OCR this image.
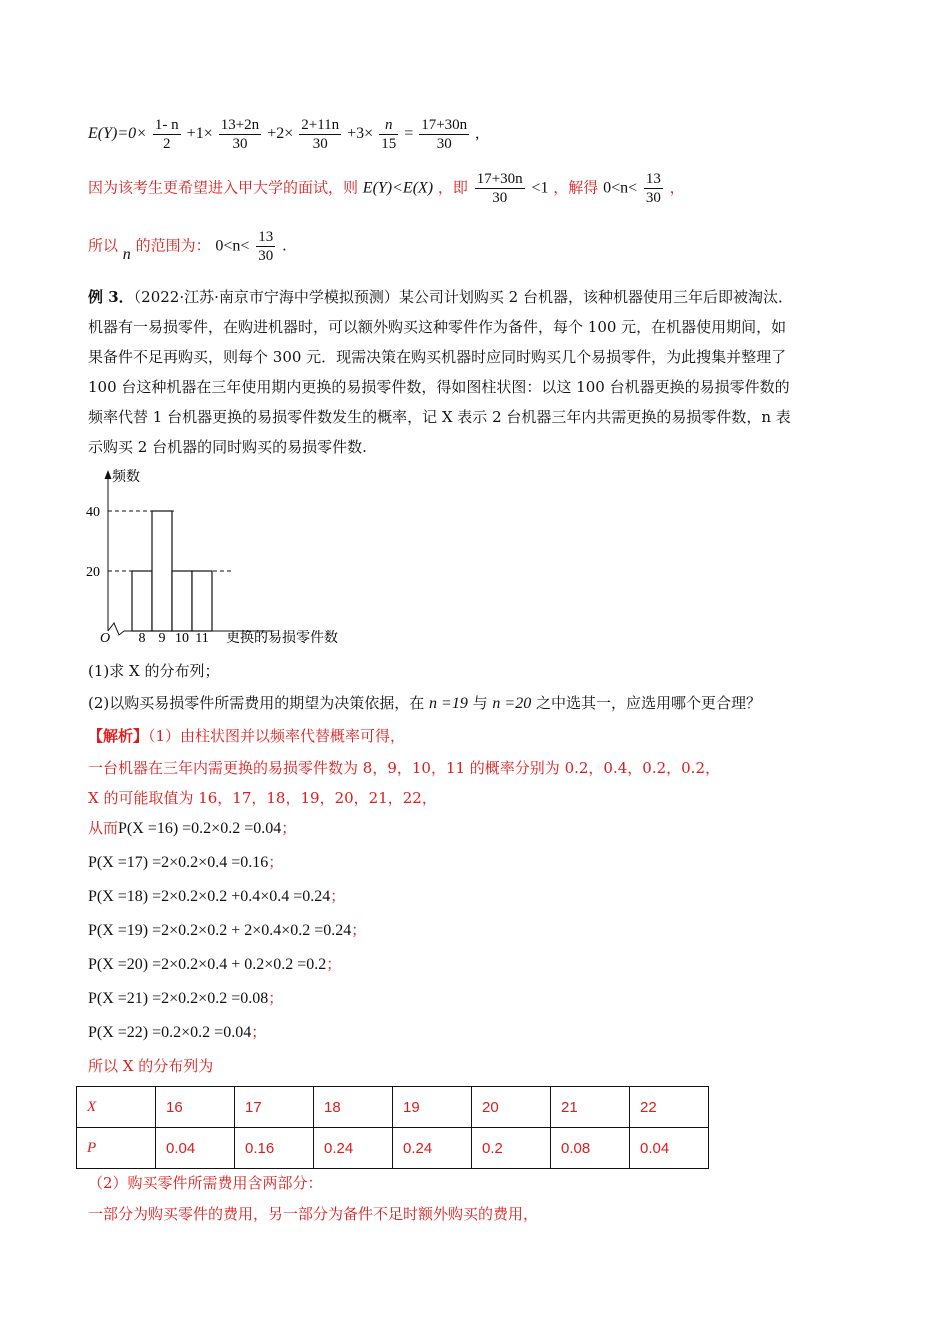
$E(Y)=0\times \frac{1- n}{2} +1\times \frac{13+2n}{30} +2\times \frac{2+11n}{30} +3\times \frac{n}{15} = \frac{17+30n}{30}$ ,
因为该考生更希望进入甲大学的面试，则 E(Y)<E(X) ，即 $\frac{17+30n}{30} <1$ ，解得 $0<n< \frac{13}{30}$ ，
所以 n 的范围为： $0<n< \frac{13}{30}$ .
例 3．（2022·江苏·南京市宁海中学模拟预测）某公司计划购买 2 台机器，该种机器使用三年后即被淘汰．
机器有一易损零件，在购进机器时，可以额外购买这种零件作为备件，每个 100 元，在机器使用期间，如
果备件不足再购买，则每个 300 元．现需决策在购买机器时应同时购买几个易损零件，为此搜集并整理了
100 台这种机器在三年使用期内更换的易损零件数，得如图柱状图：以这 100 台机器更换的易损零件数的
频率代替 1 台机器更换的易损零件数发生的概率，记 X 表示 2 台机器三年内共需更换的易损零件数，n 表
示购买 2 台机器的同时购买的易损零件数.
频数
更换的易损零件数
O
20
40
8 9 10 11
(1)求 X 的分布列；
(2)以购买易损零件所需费用的期望为决策依据，在 n =19 与 n =20 之中选其一，应选用哪个更合理？
【解析】（1）由柱状图并以频率代替概率可得，
一台机器在三年内需更换的易损零件数为 8，9，10，11 的概率分别为 0.2，0.4，0.2，0.2，
X 的可能取值为 16，17，18，19，20，21，22，
从而P(X =16) =0.2×0.2 =0.04；
P(X =17) =2×0.2×0.4 =0.16；
P(X =18) =2×0.2×0.2 +0.4×0.4 =0.24；
P(X =19) =2×0.2×0.2 + 2×0.4×0.2 =0.24；
P(X =20) =2×0.2×0.4 + 0.2×0.2 =0.2；
P(X =21) =2×0.2×0.2 =0.08；
P(X =22) =0.2×0.2 =0.04；
所以 X 的分布列为
X	16	17	18	19	20	21	22
P	0.04	0.16	0.24	0.24	0.2	0.08	0.04
（2）购买零件所需费用含两部分：
一部分为购买零件的费用，另一部分为备件不足时额外购买的费用，
